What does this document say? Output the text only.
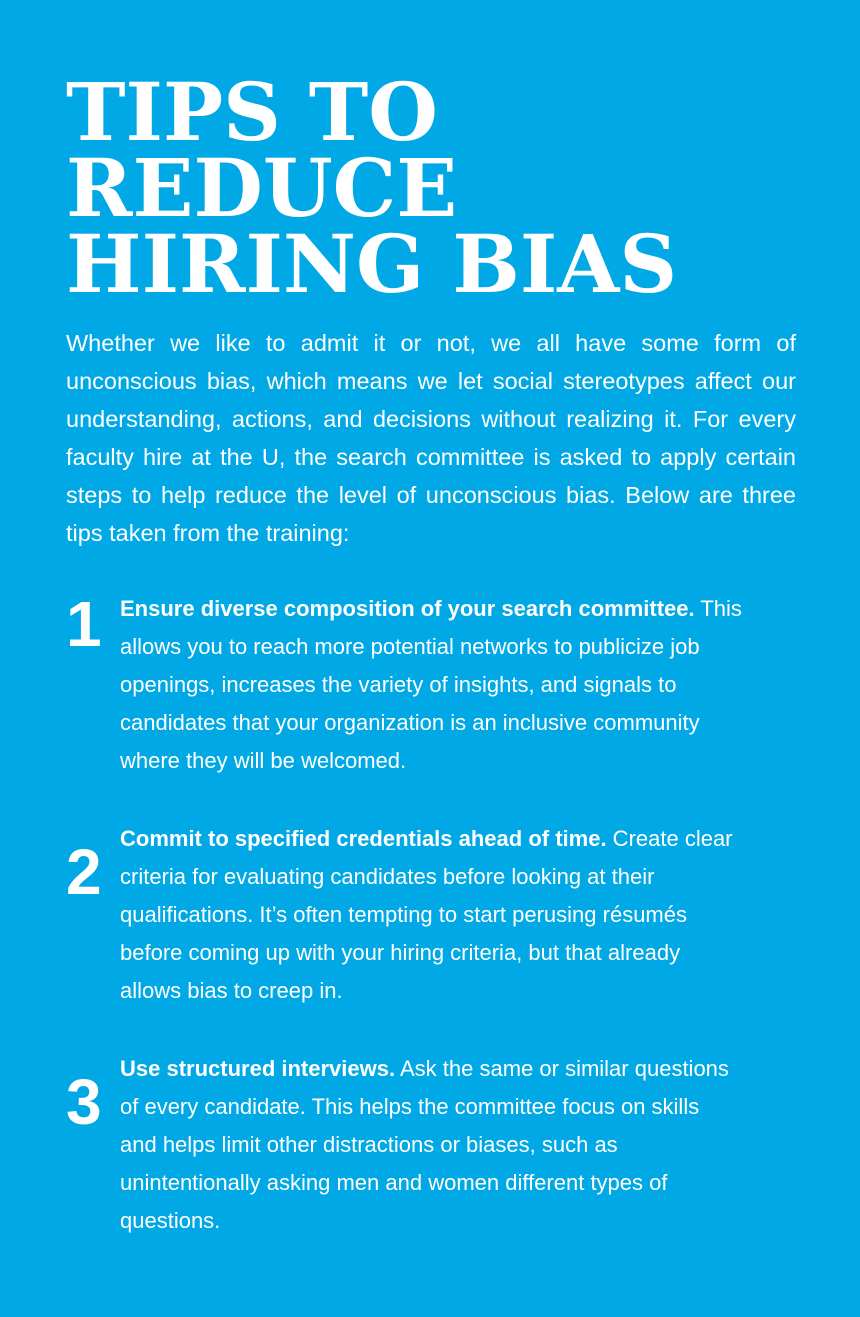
TIPS TO
REDUCE
HIRING BIAS

Whether we like to admit it or not, we all have some form of unconscious bias, which means we let social stereotypes affect our understanding, actions, and decisions without realizing it. For every faculty hire at the U, the search committee is asked to apply certain steps to help reduce the level of unconscious bias. Below are three tips taken from the training:

1 Ensure diverse composition of your search committee. This allows you to reach more potential networks to publicize job openings, increases the variety of insights, and signals to candidates that your organization is an inclusive community where they will be welcomed.

2 Commit to specified credentials ahead of time. Create clear criteria for evaluating candidates before looking at their qualifications. It’s often tempting to start perusing résumés before coming up with your hiring criteria, but that already allows bias to creep in.

3 Use structured interviews. Ask the same or similar questions of every candidate. This helps the committee focus on skills and helps limit other distractions or biases, such as unintentionally asking men and women different types of questions.
